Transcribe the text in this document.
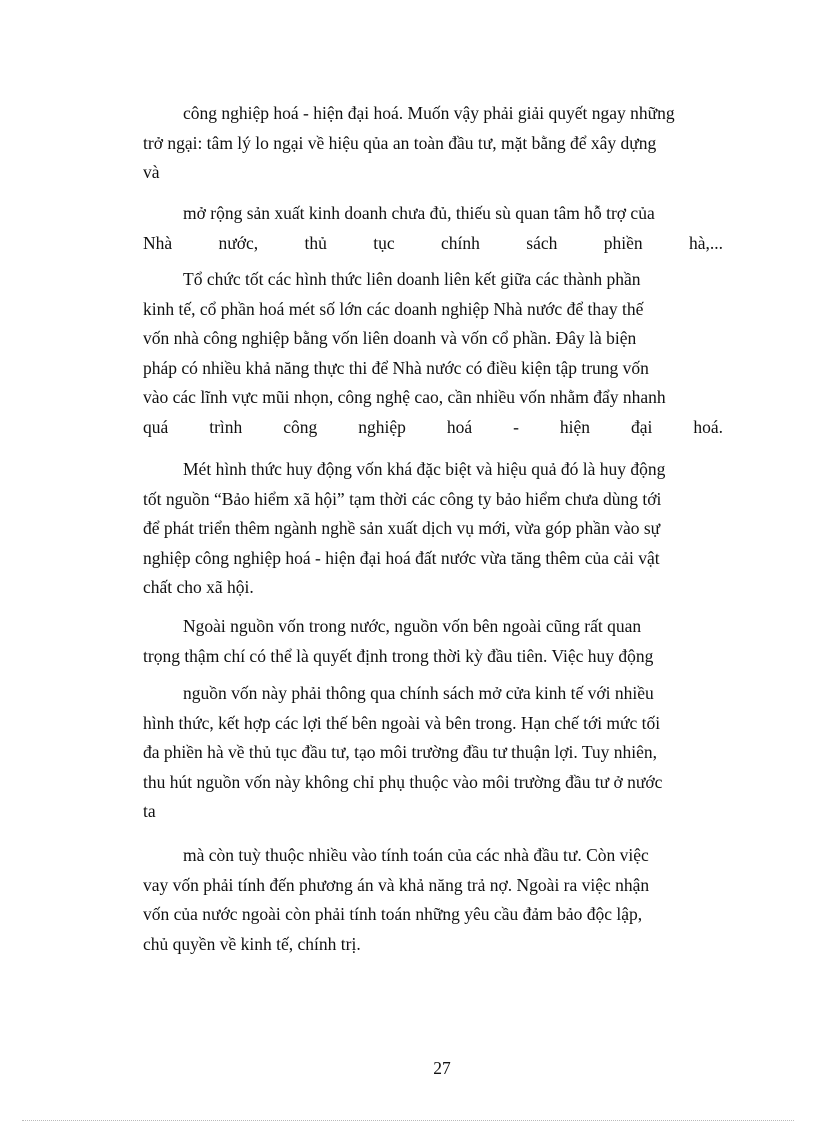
công nghiệp hoá - hiện đại hoá. Muốn vậy phải giải quyết ngay những
trở ngại: tâm lý lo ngại về hiệu qủa an toàn đầu tư, mặt bằng để xây dựng
và
mở rộng sản xuất kinh doanh chưa đủ, thiếu sù quan tâm hỗ trợ của
Nhà nước, thủ tục chính sách phiền hà,...
Tổ chức tốt các hình thức liên doanh liên kết giữa các thành phần
kinh tế, cổ phần hoá mét số lớn các doanh nghiệp Nhà nước để thay thế
vốn nhà công nghiệp bằng vốn liên doanh và vốn cổ phần. Đây là biện
pháp có nhiều khả năng thực thi để Nhà nước có điều kiện tập trung vốn
vào các lĩnh vực mũi nhọn, công nghệ cao, cần nhiều vốn nhằm đẩy nhanh
quá trình công nghiệp hoá - hiện đại hoá.
Mét hình thức huy động vốn khá đặc biệt và hiệu quả đó là huy động
tốt nguồn “Bảo hiểm xã hội” tạm thời các công ty bảo hiểm chưa dùng tới
để phát triển thêm ngành nghề sản xuất dịch vụ mới, vừa góp phần vào sự
nghiệp công nghiệp hoá - hiện đại hoá đất nước vừa tăng thêm của cải vật
chất cho xã hội.
Ngoài nguồn vốn trong nước, nguồn vốn bên ngoài cũng rất quan
trọng thậm chí có thể là quyết định trong thời kỳ đầu tiên. Việc huy động
nguồn vốn này phải thông qua chính sách mở cửa kinh tế với nhiều
hình thức, kết hợp các lợi thế bên ngoài và bên trong. Hạn chế tới mức tối
đa phiền hà về thủ tục đầu tư, tạo môi trường đầu tư thuận lợi. Tuy nhiên,
thu hút nguồn vốn này không chỉ phụ thuộc vào môi trường đầu tư ở nước
ta
mà còn tuỳ thuộc nhiều vào tính toán của các nhà đầu tư. Còn việc
vay vốn phải tính đến phương án và khả năng trả nợ. Ngoài ra việc nhận
vốn của nước ngoài còn phải tính toán những yêu cầu đảm bảo độc lập,
chủ quyền về kinh tế, chính trị.
27
